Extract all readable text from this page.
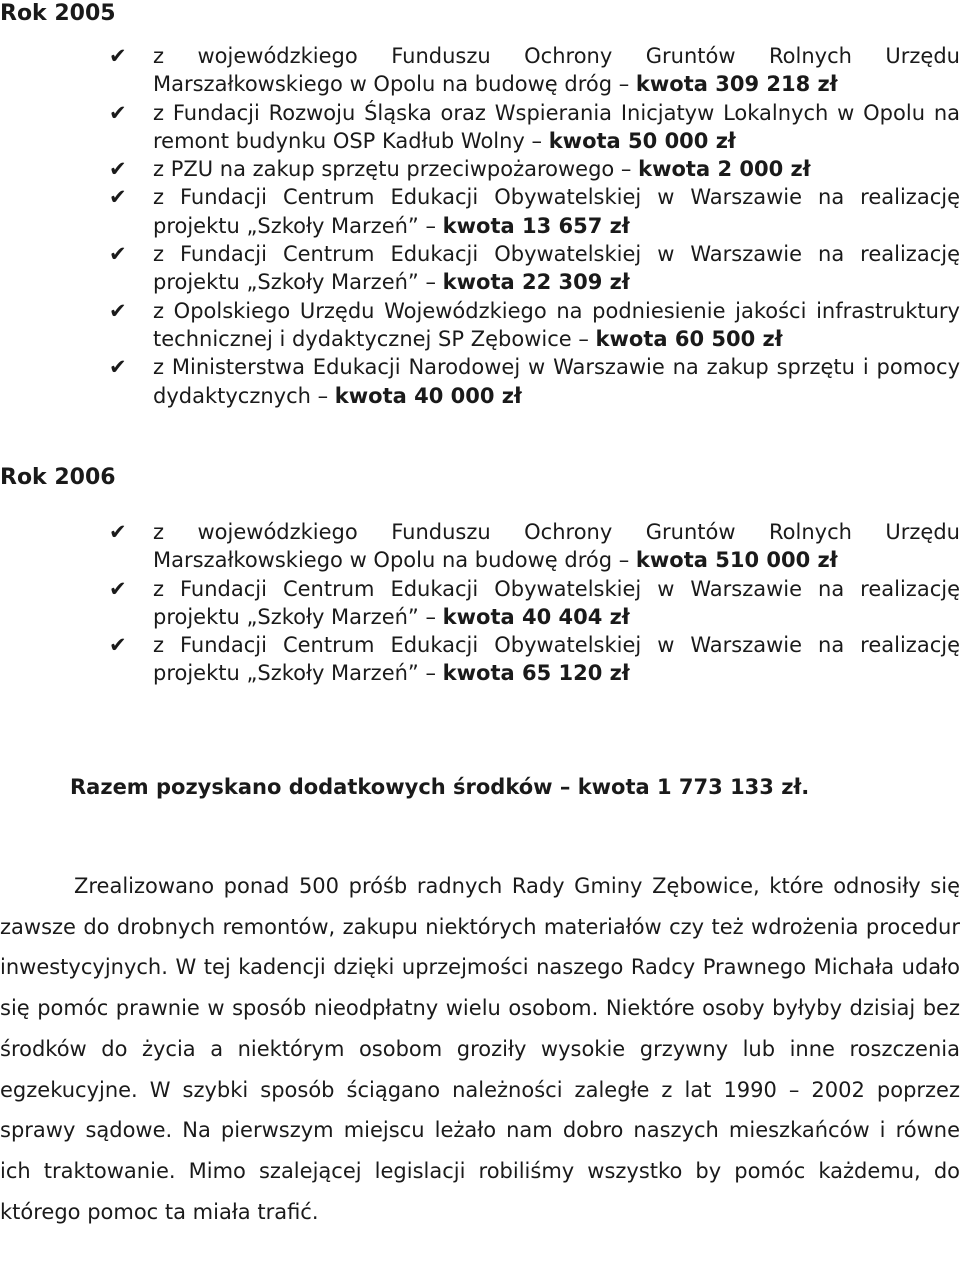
Rok 2005
✔	z wojewódzkiego Funduszu Ochrony Gruntów Rolnych Urzędu Marszałkowskiego w Opolu na budowę dróg – kwota 309 218 zł
✔	z Fundacji Rozwoju Śląska oraz Wspierania Inicjatyw Lokalnych w Opolu na remont budynku OSP Kadłub Wolny – kwota 50 000 zł
✔	z PZU na zakup sprzętu przeciwpożarowego – kwota 2 000 zł
✔	z Fundacji Centrum Edukacji Obywatelskiej w Warszawie na realizację projektu „Szkoły Marzeń” – kwota 13 657 zł
✔	z Fundacji Centrum Edukacji Obywatelskiej w Warszawie na realizację projektu „Szkoły Marzeń” – kwota 22 309 zł
✔	z Opolskiego Urzędu Wojewódzkiego na podniesienie jakości infrastruktury technicznej i dydaktycznej SP Zębowice – kwota 60 500 zł
✔	z Ministerstwa Edukacji Narodowej w Warszawie na zakup sprzętu i pomocy dydaktycznych – kwota 40 000 zł
Rok 2006
✔	z wojewódzkiego Funduszu Ochrony Gruntów Rolnych Urzędu Marszałkowskiego w Opolu na budowę dróg – kwota 510 000 zł
✔	z Fundacji Centrum Edukacji Obywatelskiej w Warszawie na realizację projektu „Szkoły Marzeń” – kwota 40 404 zł
✔	z Fundacji Centrum Edukacji Obywatelskiej w Warszawie na realizację projektu „Szkoły Marzeń” – kwota 65 120 zł

Razem pozyskano dodatkowych środków – kwota 1 773 133 zł.

Zrealizowano ponad 500 próśb radnych Rady Gminy Zębowice, które odnosiły się zawsze do drobnych remontów, zakupu niektórych materiałów czy też wdrożenia procedur inwestycyjnych. W tej kadencji dzięki uprzejmości naszego Radcy Prawnego Michała udało się pomóc prawnie w sposób nieodpłatny wielu osobom. Niektóre osoby byłyby dzisiaj bez środków do życia a niektórym osobom groziły wysokie grzywny lub inne roszczenia egzekucyjne. W szybki sposób ściągano należności zaległe z lat 1990 – 2002 poprzez sprawy sądowe. Na pierwszym miejscu leżało nam dobro naszych mieszkańców i równe ich traktowanie. Mimo szalejącej legislacji robiliśmy wszystko by pomóc każdemu, do którego pomoc ta miała trafić.
